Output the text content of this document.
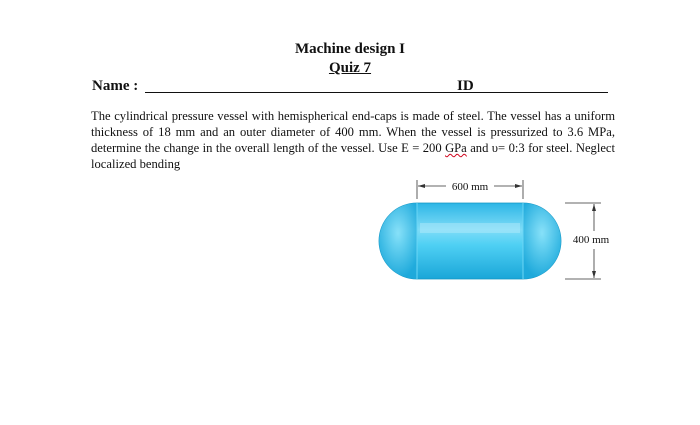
Machine design I
Quiz 7
Name :	ID
The cylindrical pressure vessel with hemispherical end-caps is made of steel. The vessel has a uniform thickness of 18 mm and an outer diameter of 400 mm. When the vessel is pressurized to 3.6 MPa, determine the change in the overall length of the vessel. Use E = 200 GPa and υ= 0:3 for steel. Neglect localized bending
600 mm
400 mm
